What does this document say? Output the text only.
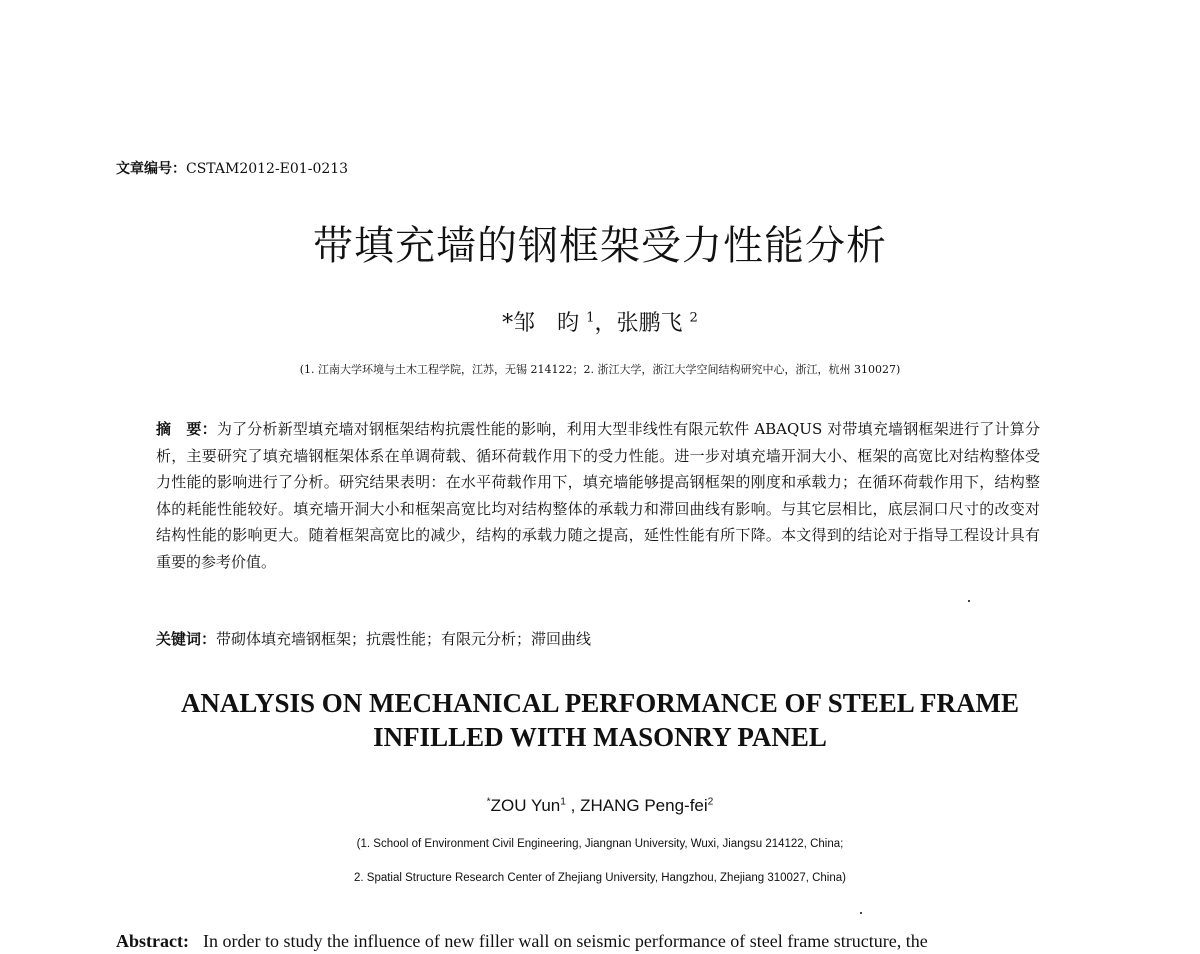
文章编号：CSTAM2012-E01-0213
带填充墙的钢框架受力性能分析
*邹　昀 $^1$，张鹏飞 $^2$
(1. 江南大学环境与土木工程学院，江苏，无锡 214122；2. 浙江大学，浙江大学空间结构研究中心，浙江，杭州 310027)
摘　要：为了分析新型填充墙对钢框架结构抗震性能的影响，利用大型非线性有限元软件 ABAQUS 对带填充墙钢框架进行了计算分析，主要研究了填充墙钢框架体系在单调荷载、循环荷载作用下的受力性能。进一步对填充墙开洞大小、框架的高宽比对结构整体受力性能的影响进行了分析。研究结果表明：在水平荷载作用下，填充墙能够提高钢框架的刚度和承载力；在循环荷载作用下，结构整体的耗能性能较好。填充墙开洞大小和框架高宽比均对结构整体的承载力和滞回曲线有影响。与其它层相比，底层洞口尺寸的改变对结构性能的影响更大。随着框架高宽比的减少，结构的承载力随之提高，延性性能有所下降。本文得到的结论对于指导工程设计具有重要的参考价值。
关键词：带砌体填充墙钢框架；抗震性能；有限元分析；滞回曲线
ANALYSIS ON MECHANICAL PERFORMANCE OF STEEL FRAME
INFILLED WITH MASONRY PANEL
*ZOU Yun$^1$ , ZHANG Peng-fei$^2$
(1. School of Environment Civil Engineering, Jiangnan University, Wuxi, Jiangsu 214122, China;
2. Spatial Structure Research Center of Zhejiang University, Hangzhou, Zhejiang 310027, China)
Abstract: In order to study the influence of new filler wall on seismic performance of steel frame structure, the
